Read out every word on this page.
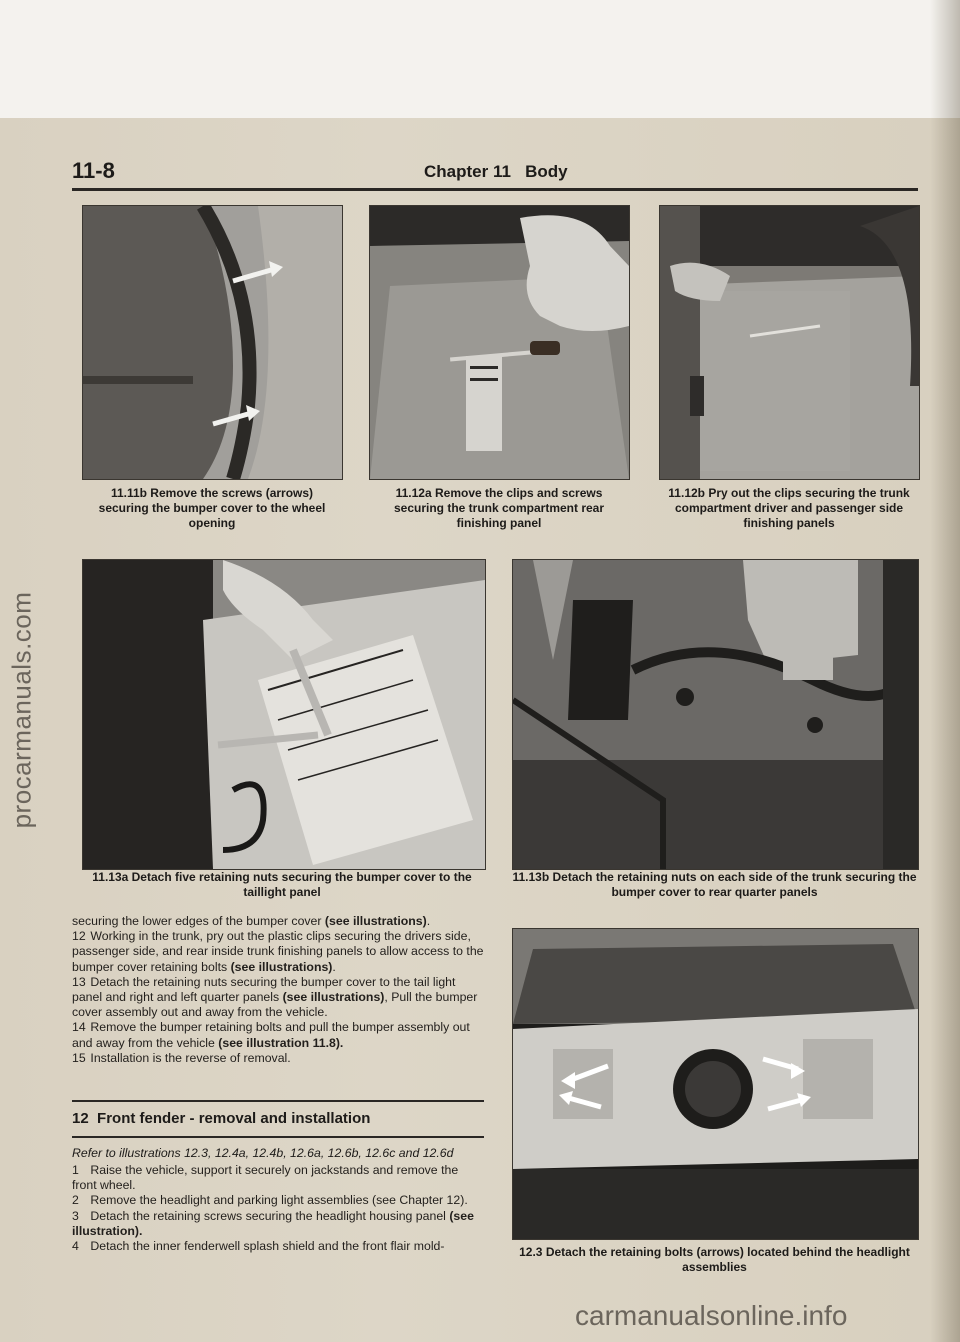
11-8	Chapter 11   Body
11.11b Remove the screws (arrows) securing the bumper cover to the wheel opening
11.12a Remove the clips and screws securing the trunk compartment rear finishing panel
11.12b Pry out the clips securing the trunk compartment driver and passenger side finishing panels
11.13a Detach five retaining nuts securing the bumper cover to the taillight panel
11.13b Detach the retaining nuts on each side of the trunk securing the bumper cover to rear quarter panels

securing the lower edges of the bumper cover (see illustrations).

12 Working in the trunk, pry out the plastic clips securing the drivers side, passenger side, and rear inside trunk finishing panels to allow access to the bumper cover retaining bolts (see illustrations).

13 Detach the retaining nuts securing the bumper cover to the tail light panel and right and left quarter panels (see illustrations), Pull the bumper cover assembly out and away from the vehicle.

14 Remove the bumper retaining bolts and pull the bumper assembly out and away from the vehicle (see illustration 11.8).

15 Installation is the reverse of removal.

12 Front fender - removal and installation
Refer to illustrations 12.3, 12.4a, 12.4b, 12.6a, 12.6b, 12.6c and 12.6d

1 Raise the vehicle, support it securely on jackstands and remove the front wheel.

2 Remove the headlight and parking light assemblies (see Chapter 12).

3 Detach the retaining screws securing the headlight housing panel (see illustration).

4 Detach the inner fenderwell splash shield and the front flair mold-	12.3 Detach the retaining bolts (arrows) located behind the headlight assemblies
procarmanuals.com
carmanualsonline.info
